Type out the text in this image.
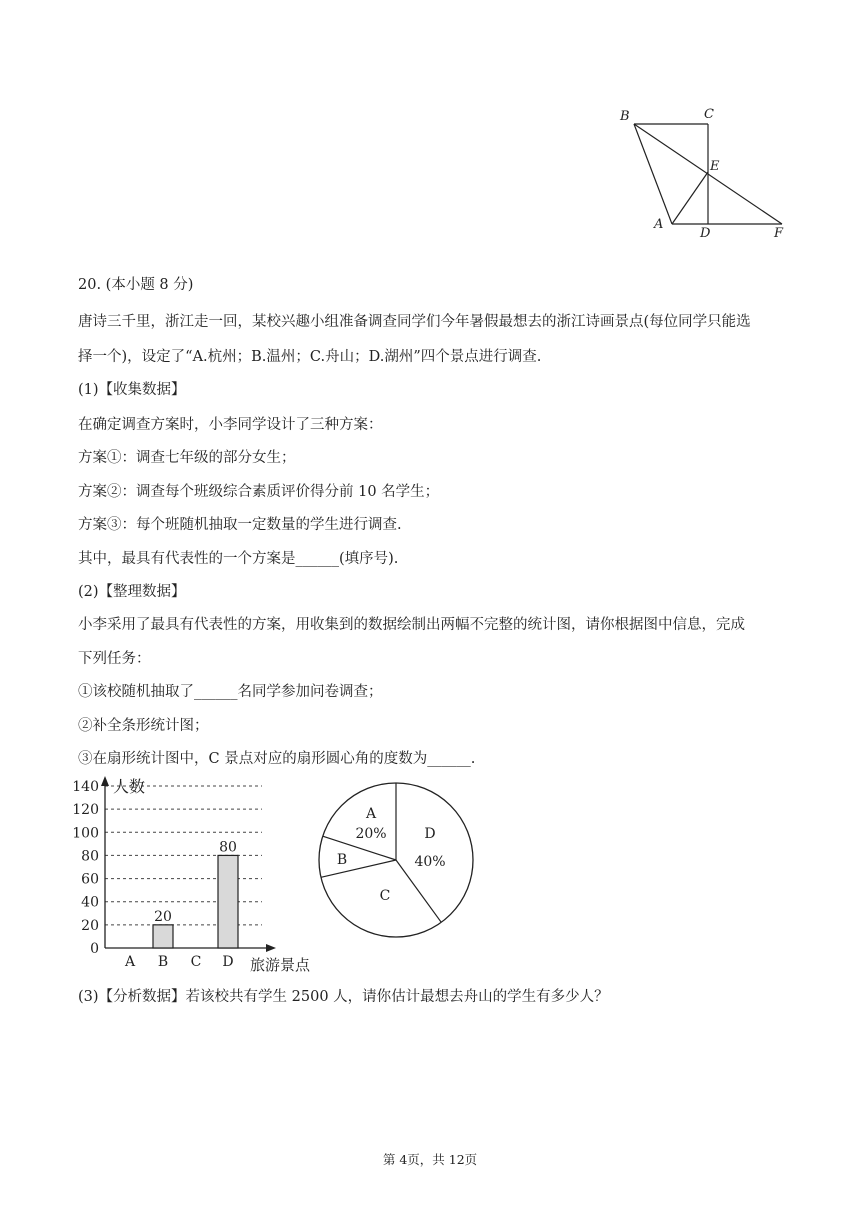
B	C
E
A
D	F
20. (本小题 8 分)
唐诗三千里，浙江走一回，某校兴趣小组准备调查同学们今年暑假最想去的浙江诗画景点(每位同学只能选
择一个)，设定了“A.杭州；B.温州；C.舟山；D.湖州”四个景点进行调查.
(1)【收集数据】
在确定调查方案时，小李同学设计了三种方案：
方案①：调查七年级的部分女生；
方案②：调查每个班级综合素质评价得分前 10 名学生；
方案③：每个班随机抽取一定数量的学生进行调查.
其中，最具有代表性的一个方案是______(填序号).
(2)【整理数据】
小李采用了最具有代表性的方案，用收集到的数据绘制出两幅不完整的统计图，请你根据图中信息，完成
下列任务：
①该校随机抽取了______名同学参加问卷调查；
②补全条形统计图；
③在扇形统计图中，C 景点对应的扇形圆心角的度数为______.
0
20
40
60
80
100
120
140 人数
旅游景点
A B
20
C D
80
A
20%	D
40%
C
B
(3)【分析数据】若该校共有学生 2500 人，请你估计最想去舟山的学生有多少人？
第 4页，共 12页
